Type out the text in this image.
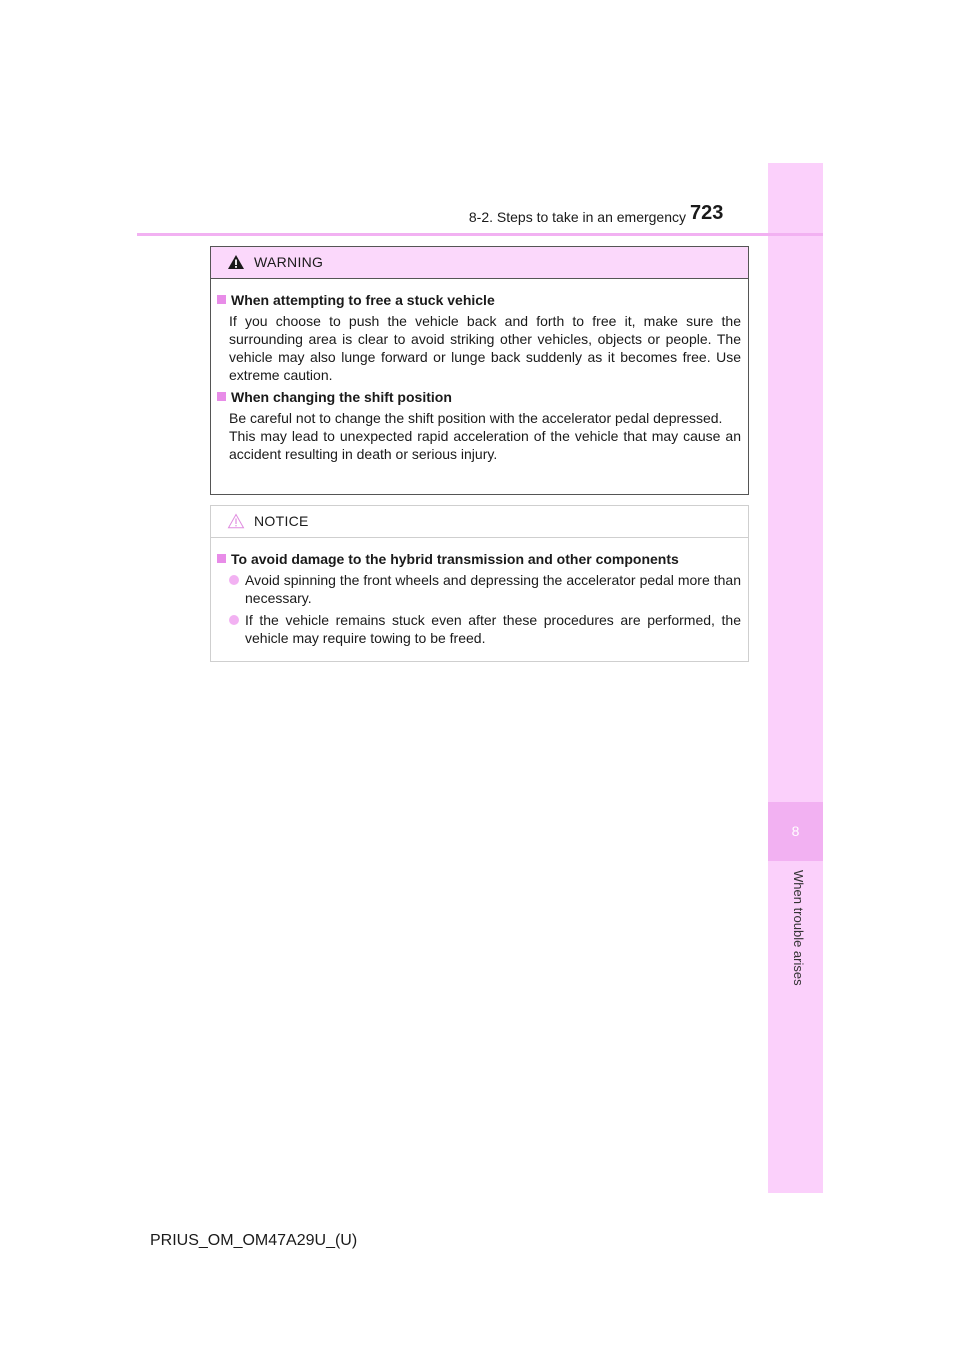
8
When trouble arises
8-2. Steps to take in an emergency 723
WARNING
When attempting to free a stuck vehicle
If you choose to push the vehicle back and forth to free it, make sure the surrounding area is clear to avoid striking other vehicles, objects or people. The vehicle may also lunge forward or lunge back suddenly as it becomes free. Use extreme caution.
When changing the shift position
Be careful not to change the shift position with the accelerator pedal depressed.
This may lead to unexpected rapid acceleration of the vehicle that may cause an accident resulting in death or serious injury.
NOTICE
To avoid damage to the hybrid transmission and other components
Avoid spinning the front wheels and depressing the accelerator pedal more than necessary.
If the vehicle remains stuck even after these procedures are performed, the vehicle may require towing to be freed.
PRIUS_OM_OM47A29U_(U)
